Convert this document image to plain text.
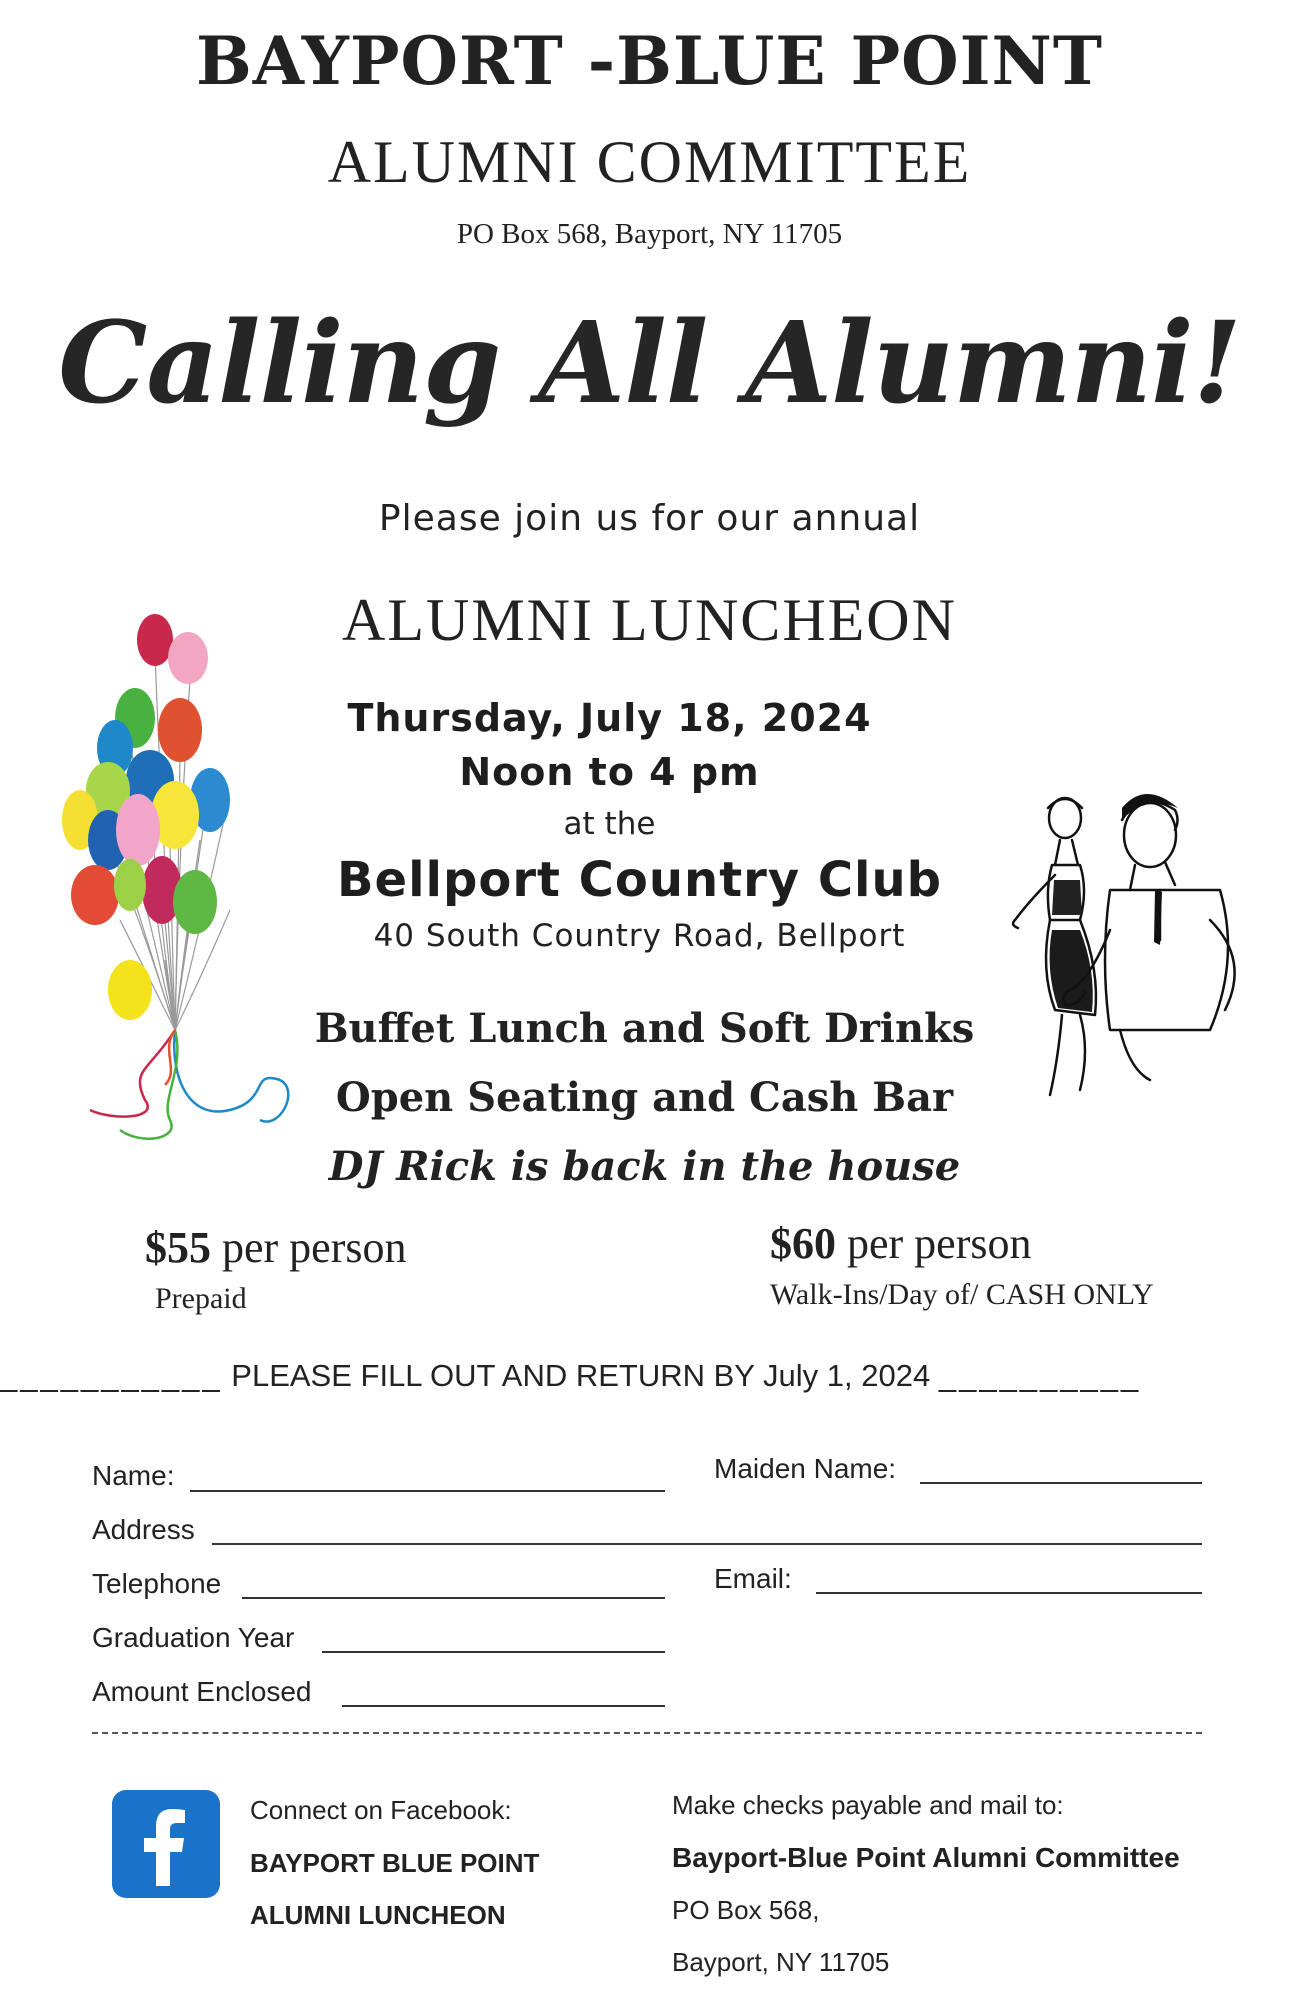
BAYPORT -BLUE POINT
ALUMNI COMMITTEE
PO Box 568, Bayport, NY 11705
Calling All Alumni!
Please join us for our annual
ALUMNI LUNCHEON
Thursday, July 18, 2024
Noon to 4 pm
at the
Bellport Country Club
40 South Country Road, Bellport
Buffet Lunch and Soft Drinks
Open Seating and Cash Bar
DJ Rick is back in the house
$55 per person
Prepaid
$60 per person
Walk-Ins/Day of/ CASH ONLY
___________ PLEASE FILL OUT AND RETURN BY July 1, 2024 __________
Name:	Maiden Name:
Address
Telephone	Email:
Graduation Year
Amount Enclosed
Connect on Facebook:
BAYPORT BLUE POINT
ALUMNI LUNCHEON
Make checks payable and mail to:
Bayport-Blue Point Alumni Committee
PO Box 568,
Bayport, NY 11705
